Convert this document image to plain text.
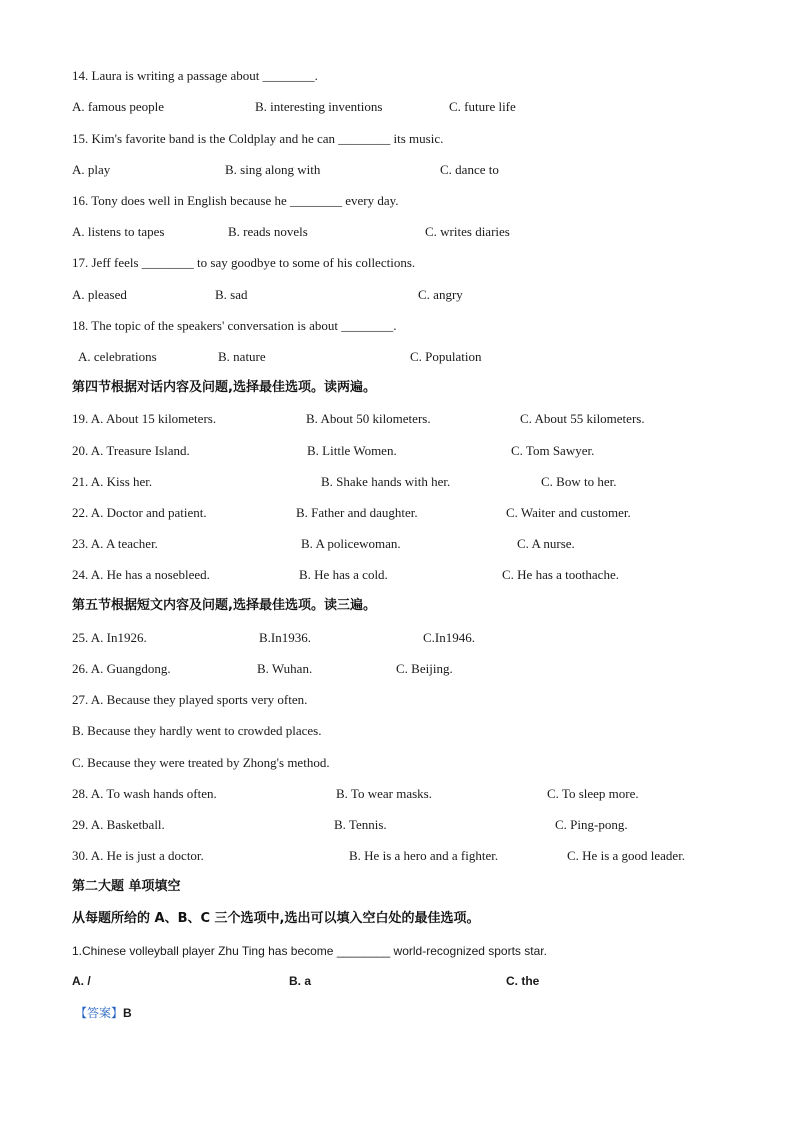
14. Laura is writing a passage about ________.
A. famous people	B. interesting inventions	C. future life
15. Kim's favorite band is the Coldplay and he can ________ its music.
A. play	B. sing along with	C. dance to
16. Tony does well in English because he ________ every day.
A. listens to tapes	B. reads novels	C. writes diaries
17. Jeff feels ________ to say goodbye to some of his collections.
A. pleased	B. sad	C. angry
18. The topic of the speakers' conversation is about ________.
A. celebrations	B. nature	C. Population
第四节根据对话内容及问题,选择最佳选项。读两遍。
19. A. About 15 kilometers.	B. About 50 kilometers.	C. About 55 kilometers.
20. A. Treasure Island.	B. Little Women.	C. Tom Sawyer.
21. A. Kiss her.	B. Shake hands with her.	C. Bow to her.
22. A. Doctor and patient.	B. Father and daughter.	C. Waiter and customer.
23. A. A teacher.	B. A policewoman.	C. A nurse.
24. A. He has a nosebleed.	B. He has a cold.	C. He has a toothache.
第五节根据短文内容及问题,选择最佳选项。读三遍。
25. A. In1926.	B.In1936.	C.In1946.
26. A. Guangdong.	B. Wuhan.	C. Beijing.
27. A. Because they played sports very often.
B. Because they hardly went to crowded places.
C. Because they were treated by Zhong's method.
28. A. To wash hands often.	B. To wear masks.	C. To sleep more.
29. A. Basketball.	B. Tennis.	C. Ping-pong.
30. A. He is just a doctor.	B. He is a hero and a fighter.	C. He is a good leader.
第二大题 单项填空
从每题所给的 A、B、C 三个选项中,选出可以填入空白处的最佳选项。
1.Chinese volleyball player Zhu Ting has become ________ world-recognized sports star.
A. /	B. a	C. the
【答案】B
